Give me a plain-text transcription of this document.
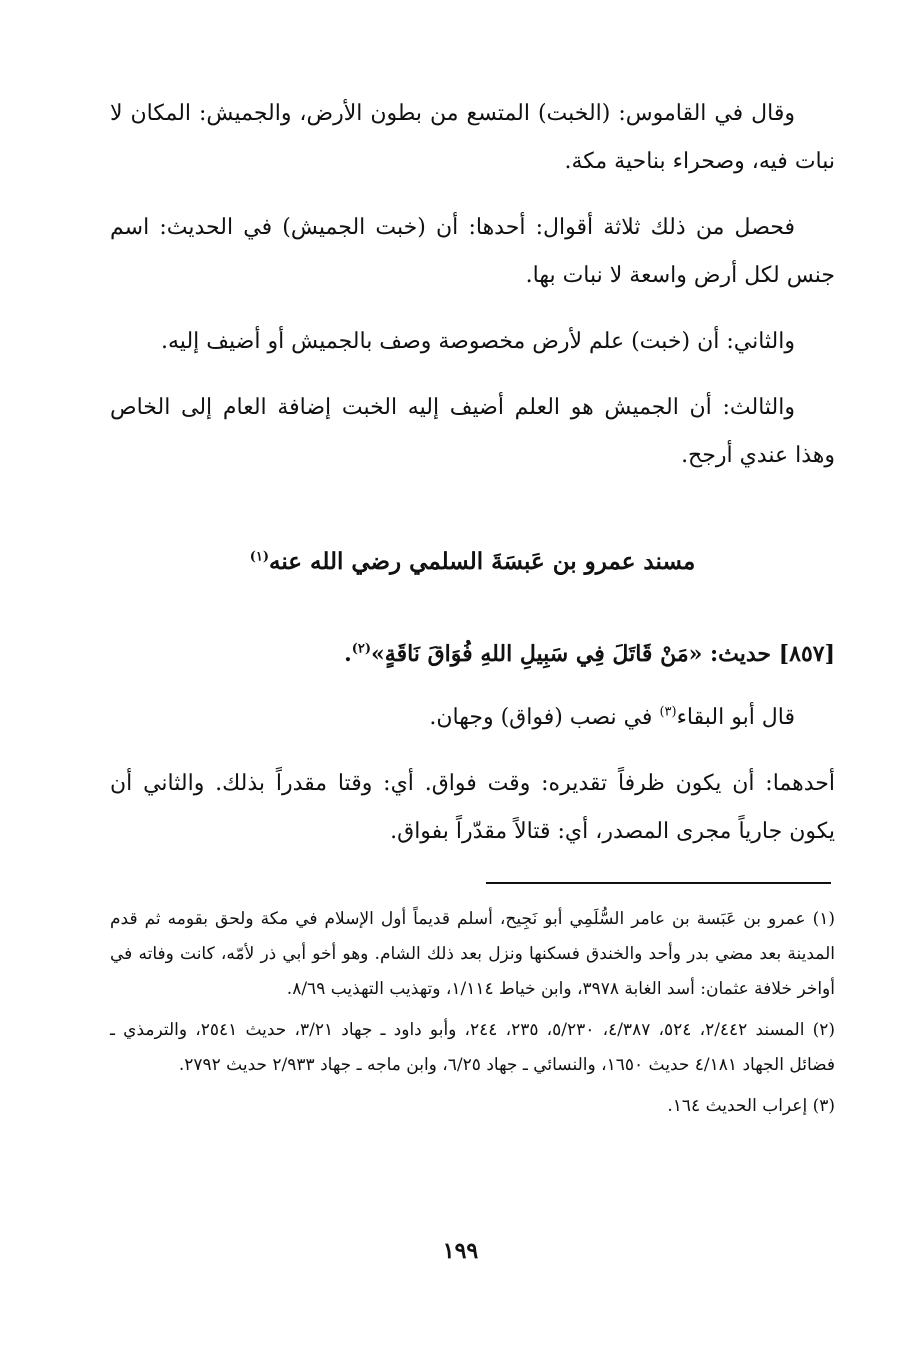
وقال في القاموس: (الخبت) المتسع من بطون الأرض، والجميش: المكان لا نبات فيه، وصحراء بناحية مكة.

فحصل من ذلك ثلاثة أقوال: أحدها: أن (خبت الجميش) في الحديث: اسم جنس لكل أرض واسعة لا نبات بها.

والثاني: أن (خبت) علم لأرض مخصوصة وصف بالجميش أو أضيف إليه.

والثالث: أن الجميش هو العلم أضيف إليه الخبت إضافة العام إلى الخاص وهذا عندي أرجح.

مسند عمرو بن عَبسَةَ السلمي رضي الله عنه$^{(١)}$

[٨٥٧] حديث: «مَنْ قَاتَلَ فِي سَبِيلِ اللهِ فُوَاقَ نَاقَةٍ»$^{(٢)}$.

قال أبو البقاء$^{(٣)}$ في نصب (فواق) وجهان.

أحدهما: أن يكون ظرفاً تقديره: وقت فواق. أي: وقتا مقدراً بذلك. والثاني أن يكون جارياً مجرى المصدر، أي: قتالاً مقدّراً بفواق.

(١) عمرو بن عَبَسة بن عامر السُّلَمِي أبو نَجِيح، أسلم قديماً أول الإسلام في مكة ولحق بقومه ثم قدم المدينة بعد مضي بدر وأحد والخندق فسكنها ونزل بعد ذلك الشام. وهو أخو أبي ذر لأمّه، كانت وفاته في أواخر خلافة عثمان: أسد الغابة ٣٩٧٨، وابن خياط ١/١١٤، وتهذيب التهذيب ٨/٦٩.

(٢) المسند ٢/٤٤٢، ٥٢٤، ٤/٣٨٧، ٥/٢٣٠، ٢٣٥، ٢٤٤، وأبو داود ـ جهاد ٣/٢١، حديث ٢٥٤١، والترمذي ـ فضائل الجهاد ٤/١٨١ حديث ١٦٥٠، والنسائي ـ جهاد ٦/٢٥، وابن ماجه ـ جهاد ٢/٩٣٣ حديث ٢٧٩٢.

(٣) إعراب الحديث ١٦٤.

١٩٩
